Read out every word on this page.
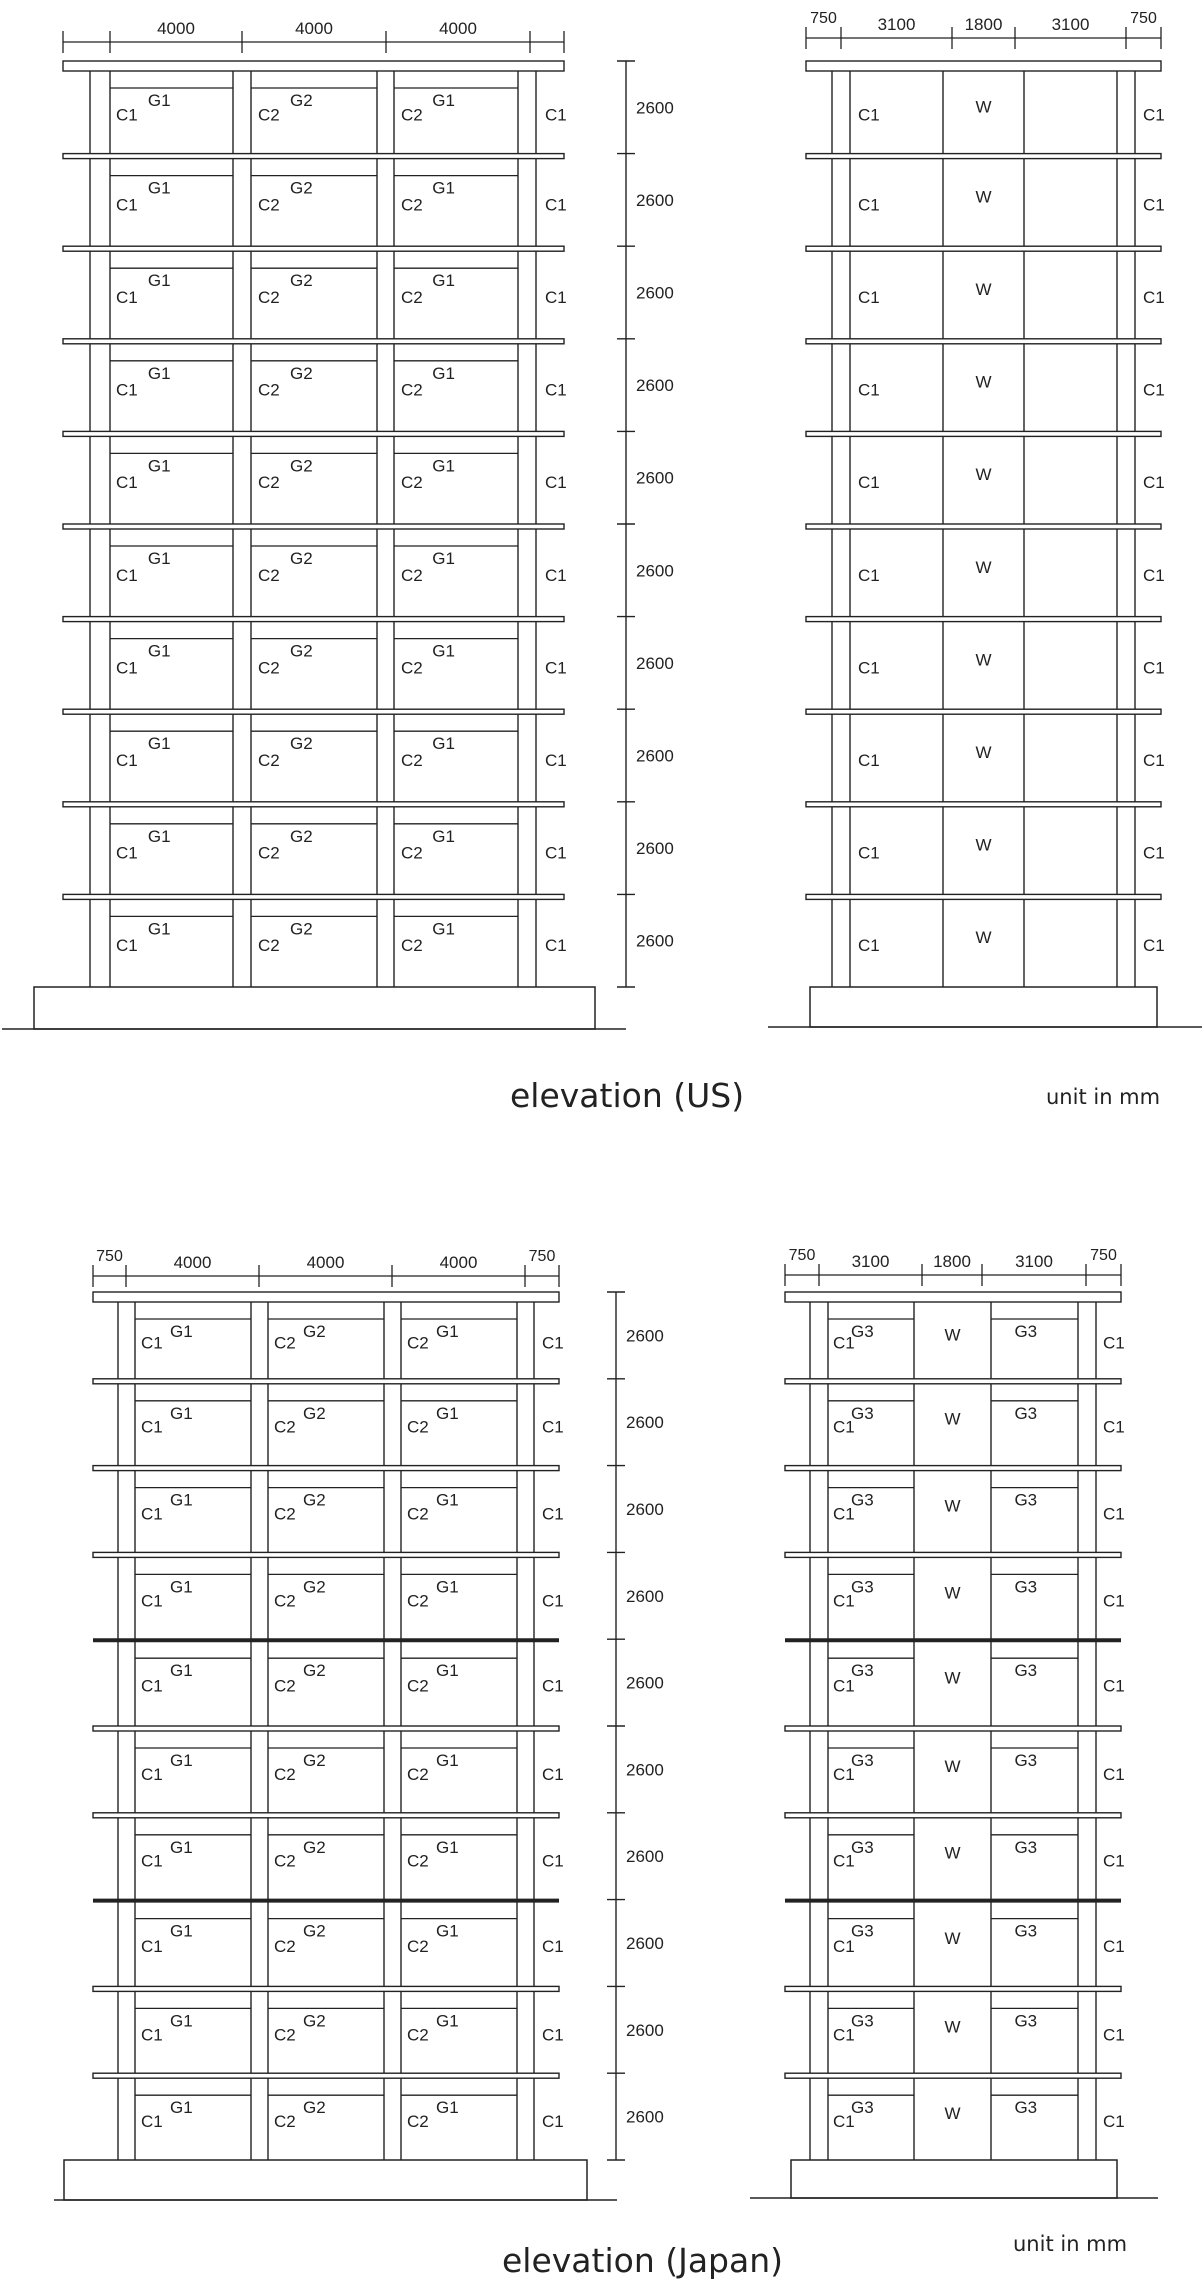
4000	4000	4000
G1	G2	G1
C1	C2	C2	C1
G1	G2	G1
C1	C2	C2	C1
G1	G2	G1
C1	C2	C2	C1
G1	G2	G1
C1	C2	C2	C1
G1	G2	G1
C1	C2	C2	C1
G1	G2	G1
C1	C2	C2	C1
G1	G2	G1
C1	C2	C2	C1
G1	G2	G1
C1	C2	C2	C1
G1	G2	G1
C1	C2	C2	C1
G1	G2	G1
C1	C2	C2	C1
2600
2600
2600
2600
2600
2600
2600
2600
2600
2600
750 3100	1800	3100	750
C1	C1
W
C1	C1
W
C1	C1
W
C1	C1
W
C1	C1
W
C1	C1
W
C1	C1
W
C1	C1
W
C1	C1
W
C1	C1
W
750	4000	4000	4000	750
G1	G2	G1
C1	C2	C2	C1
G1	G2	G1
C1	C2	C2	C1
G1	G2	G1
C1	C2	C2	C1
G1	G2	G1
C1	C2	C2	C1
G1	G2	G1
C1	C2	C2	C1
G1	G2	G1
C1	C2	C2	C1
G1	G2	G1
C1	C2	C2	C1
G1	G2	G1
C1	C2	C2	C1
G1	G2	G1
C1	C2	C2	C1
G1	G2	G1
C1	C2	C2	C1
2600
2600
2600
2600
2600
2600
2600
2600
2600
2600
750 3100	1800	3100 750
G3	G3
C1	C1
W
G3	G3
C1	C1
W
G3	G3
C1	C1
W
G3	G3
C1	C1
W
G3	G3
C1	C1
W
G3	G3
C1	C1
W
G3	G3
C1	C1
W
G3	G3
C1	C1
W
G3	G3
C1	C1
W
G3	G3
C1	C1
W
elevation (US)	unit in mm
elevation (Japan)	unit in mm
